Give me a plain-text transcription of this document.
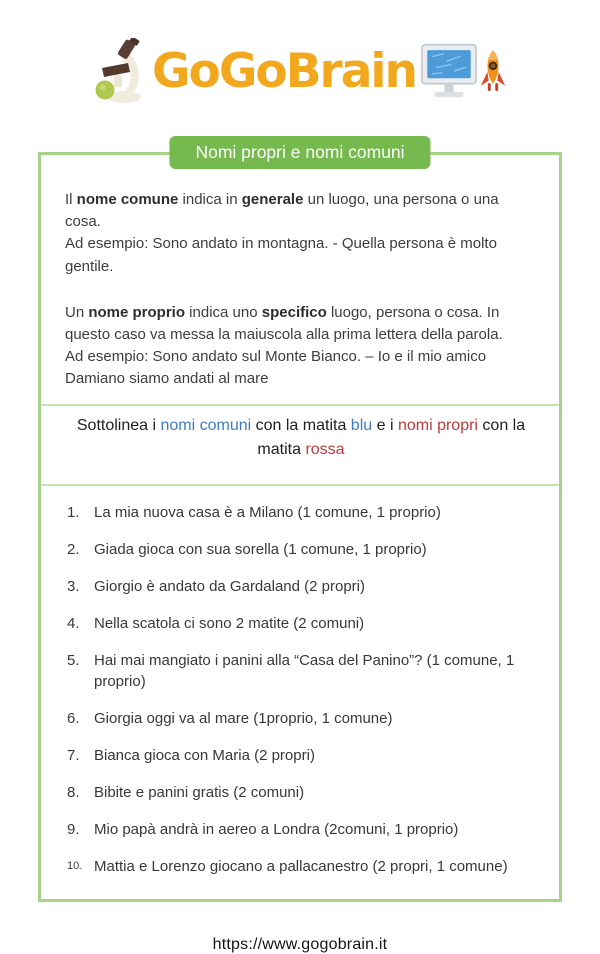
GoGoBrain
Nomi propri e nomi comuni

Il nome comune indica in generale un luogo, una persona o una cosa.
Ad esempio: Sono andato in montagna. - Quella persona è molto gentile.

Un nome proprio indica uno specifico luogo, persona o cosa. In questo caso va messa la maiuscola alla prima lettera della parola.
Ad esempio: Sono andato sul Monte Bianco. – Io e il mio amico Damiano siamo andati al mare

Sottolinea i nomi comuni con la matita blu e i nomi propri con la
matita rossa
1. La mia nuova casa è a Milano (1 comune, 1 proprio)
2. Giada gioca con sua sorella (1 comune, 1 proprio)
3. Giorgio è andato da Gardaland (2 propri)
4. Nella scatola ci sono 2 matite (2 comuni)
5. Hai mai mangiato i panini alla “Casa del Panino”? (1 comune, 1 proprio)
6. Giorgia oggi va al mare (1proprio, 1 comune)
7. Bianca gioca con Maria (2 propri)
8. Bibite e panini gratis (2 comuni)
9. Mio papà andrà in aereo a Londra (2comuni, 1 proprio)
10. Mattia e Lorenzo giocano a pallacanestro (2 propri, 1 comune)
https://www.gogobrain.it
